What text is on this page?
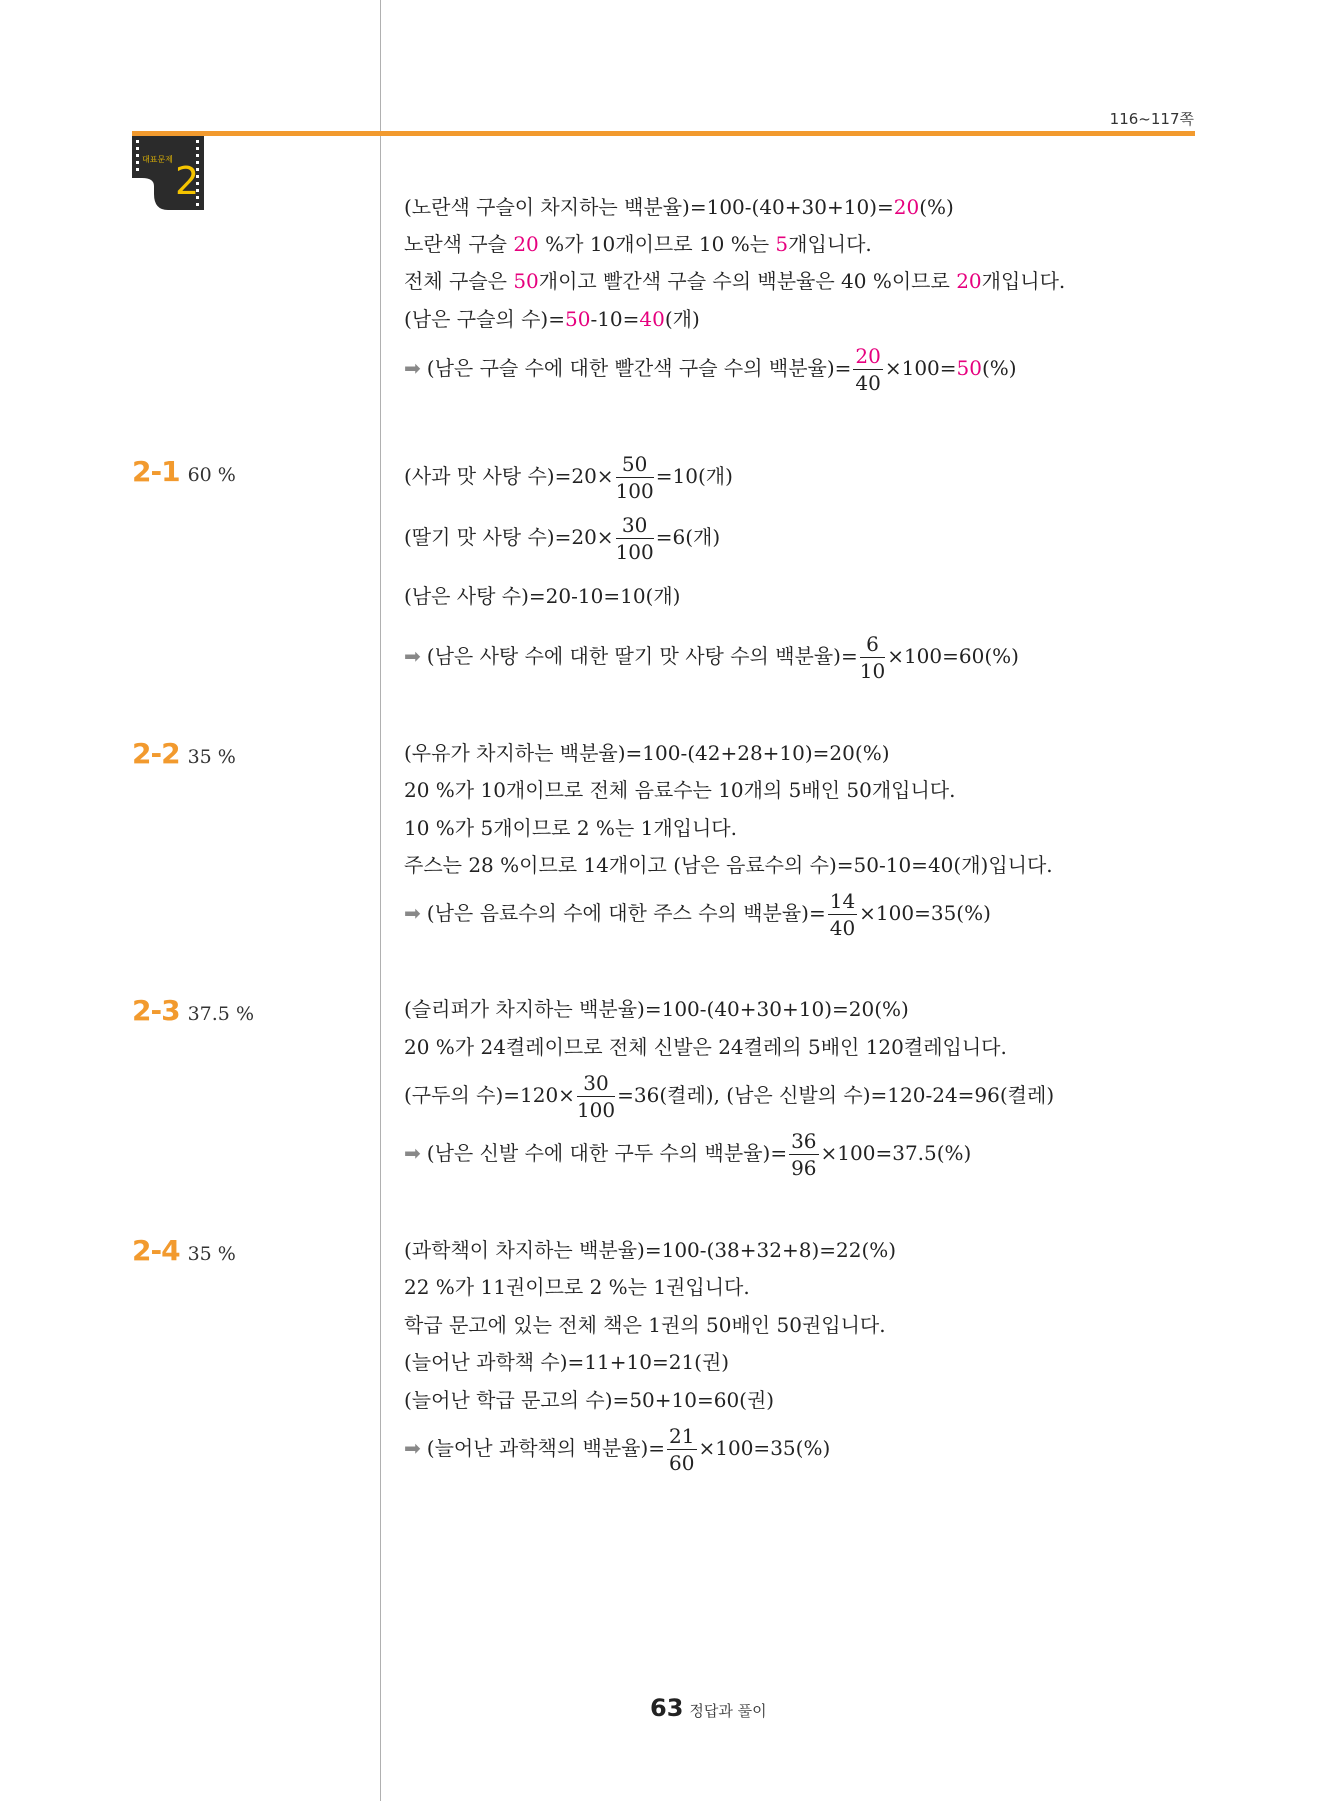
116~117쪽
대표문제 2
(노란색 구슬이 차지하는 백분율)=100-(40+30+10)=20(%)
노란색 구슬 20 %가 10개이므로 10 %는 5개입니다.
전체 구슬은 50개이고 빨간색 구슬 수의 백분율은 40 %이므로 20개입니다.
(남은 구슬의 수)=50-10=40(개)
➡ (남은 구슬 수에 대한 빨간색 구슬 수의 백분율)= $\frac{20}{40} \times 100=50(\%)$
2-1 60 %	(사과 맛 사탕 수)$=20\times \frac{50}{100} =10$(개)
(딸기 맛 사탕 수)$=20\times \frac{30}{100} =6$(개)
(남은 사탕 수)=20-10=10(개)
➡ (남은 사탕 수에 대한 딸기 맛 사탕 수의 백분율)= $\frac{6}{10} \times 100=60(\%)$
2-2 35 %	(우유가 차지하는 백분율)=100-(42+28+10)=20(%)
20 %가 10개이므로 전체 음료수는 10개의 5배인 50개입니다.
10 %가 5개이므로 2 %는 1개입니다.
주스는 28 %이므로 14개이고 (남은 음료수의 수)=50-10=40(개)입니다.
➡ (남은 음료수의 수에 대한 주스 수의 백분율)= $\frac{14}{40} \times 100=35(\%)$
2-3 37.5 %	(슬리퍼가 차지하는 백분율)=100-(40+30+10)=20(%)
20 %가 24켤레이므로 전체 신발은 24켤레의 5배인 120켤레입니다.
(구두의 수)$=120\times \frac{30}{100} =36$(켤레), (남은 신발의 수)=120-24=96(켤레)
➡ (남은 신발 수에 대한 구두 수의 백분율)= $\frac{36}{96} \times 100=37.5(\%)$
2-4 35 %	(과학책이 차지하는 백분율)=100-(38+32+8)=22(%)
22 %가 11권이므로 2 %는 1권입니다.
학급 문고에 있는 전체 책은 1권의 50배인 50권입니다.
(늘어난 과학책 수)=11+10=21(권)
(늘어난 학급 문고의 수)=50+10=60(권)
➡ (늘어난 과학책의 백분율)= $\frac{21}{60} \times 100=35(\%)$
63 정답과 풀이
